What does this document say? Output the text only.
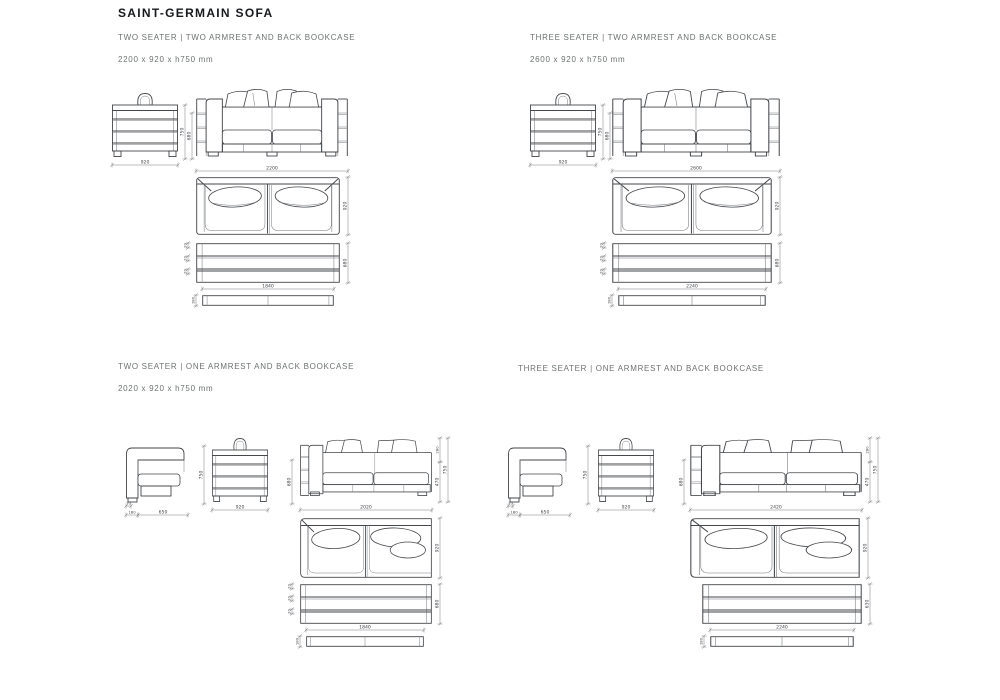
SAINT-GERMAIN SOFA
TWO SEATER | TWO ARMREST AND BACK BOOKCASE
2200 x 920 x h750 mm
THREE SEATER | TWO ARMREST AND BACK BOOKCASE
2600 x 920 x h750 mm
TWO SEATER | ONE ARMREST AND BACK BOOKCASE
2020 x 920 x h750 mm
THREE SEATER | ONE ARMREST AND BACK BOOKCASE
920
750 680
2200
920
20
20
20
680
1840
180
920
750 680
2600
920
20
20
20
680
2240
180
70
180	650
750
920
680
280
470
750
2020
920
20
20
20
680
1840
180
70
180	650
750
920
680
280
470
750
2420
920
630
2240
180
